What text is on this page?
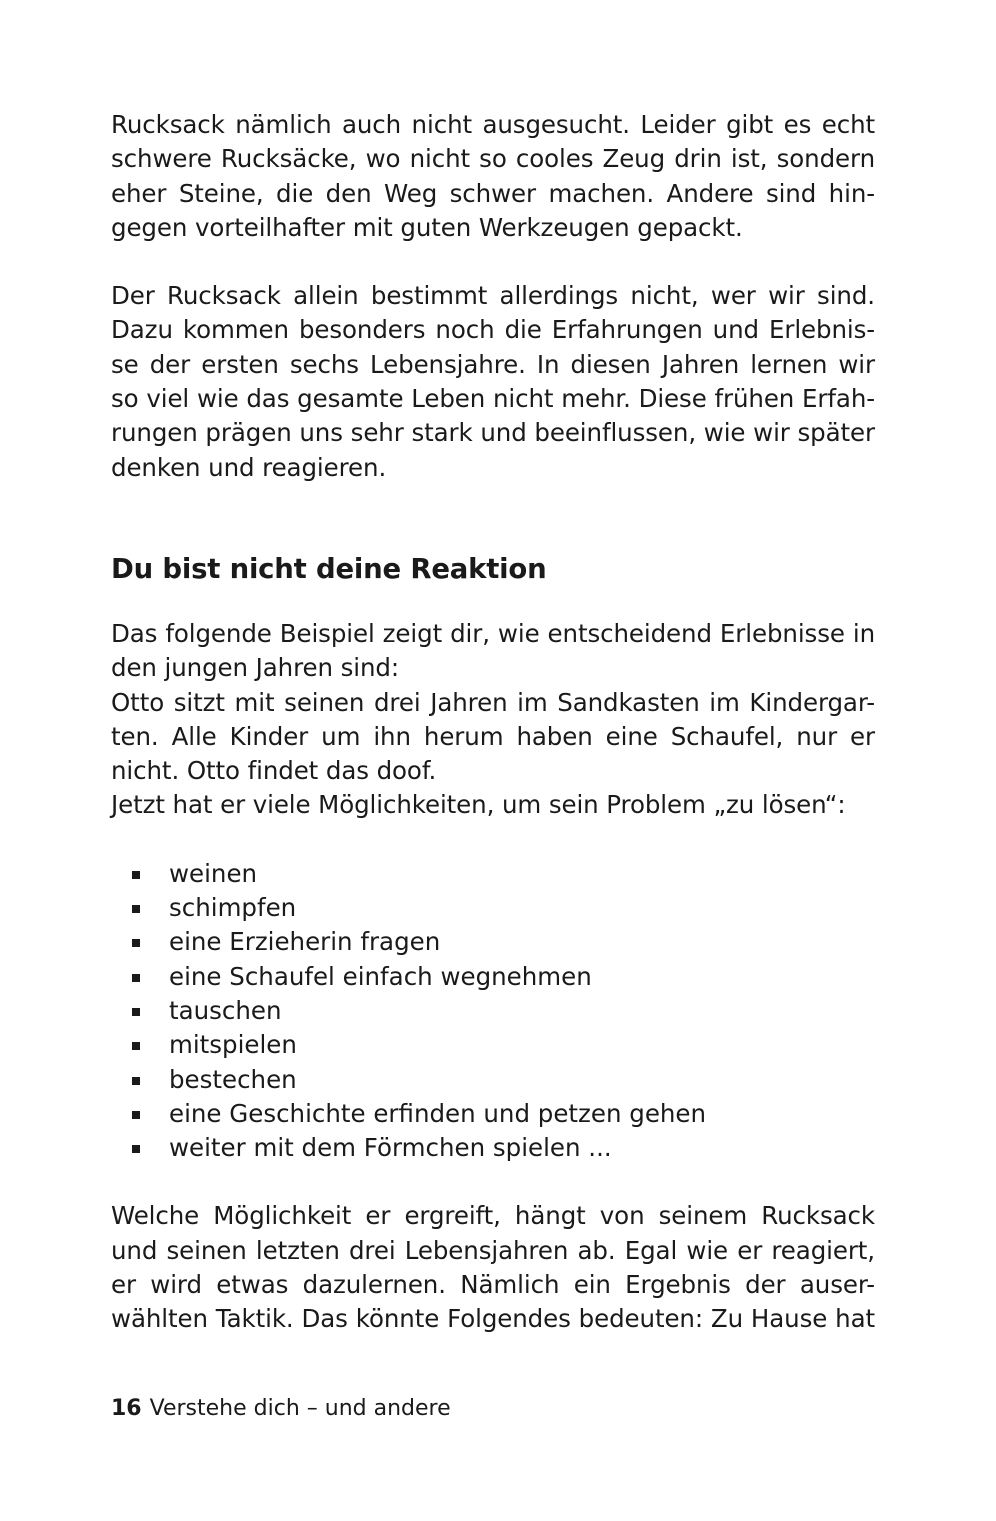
Rucksack nämlich auch nicht ausgesucht. Leider gibt es echt
schwere Rucksäcke, wo nicht so cooles Zeug drin ist, sondern
eher Steine, die den Weg schwer machen. Andere sind hin-
gegen vorteilhafter mit guten Werkzeugen gepackt.

Der Rucksack allein bestimmt allerdings nicht, wer wir sind.
Dazu kommen besonders noch die Erfahrungen und Erlebnis-
se der ersten sechs Lebensjahre. In diesen Jahren lernen wir
so viel wie das gesamte Leben nicht mehr. Diese frühen Erfah-
rungen prägen uns sehr stark und beeinflussen, wie wir später
denken und reagieren.

Du bist nicht deine Reaktion

Das folgende Beispiel zeigt dir, wie entscheidend Erlebnisse in
den jungen Jahren sind:
Otto sitzt mit seinen drei Jahren im Sandkasten im Kindergar-
ten. Alle Kinder um ihn herum haben eine Schaufel, nur er
nicht. Otto findet das doof.
Jetzt hat er viele Möglichkeiten, um sein Problem „zu lösen“:

weinen
schimpfen
eine Erzieherin fragen
eine Schaufel einfach wegnehmen
tauschen
mitspielen
bestechen
eine Geschichte erfinden und petzen gehen
weiter mit dem Förmchen spielen ...

Welche Möglichkeit er ergreift, hängt von seinem Rucksack
und seinen letzten drei Lebensjahren ab. Egal wie er reagiert,
er wird etwas dazulernen. Nämlich ein Ergebnis der auser-
wählten Taktik. Das könnte Folgendes bedeuten: Zu Hause hat

16 Verstehe dich – und andere
